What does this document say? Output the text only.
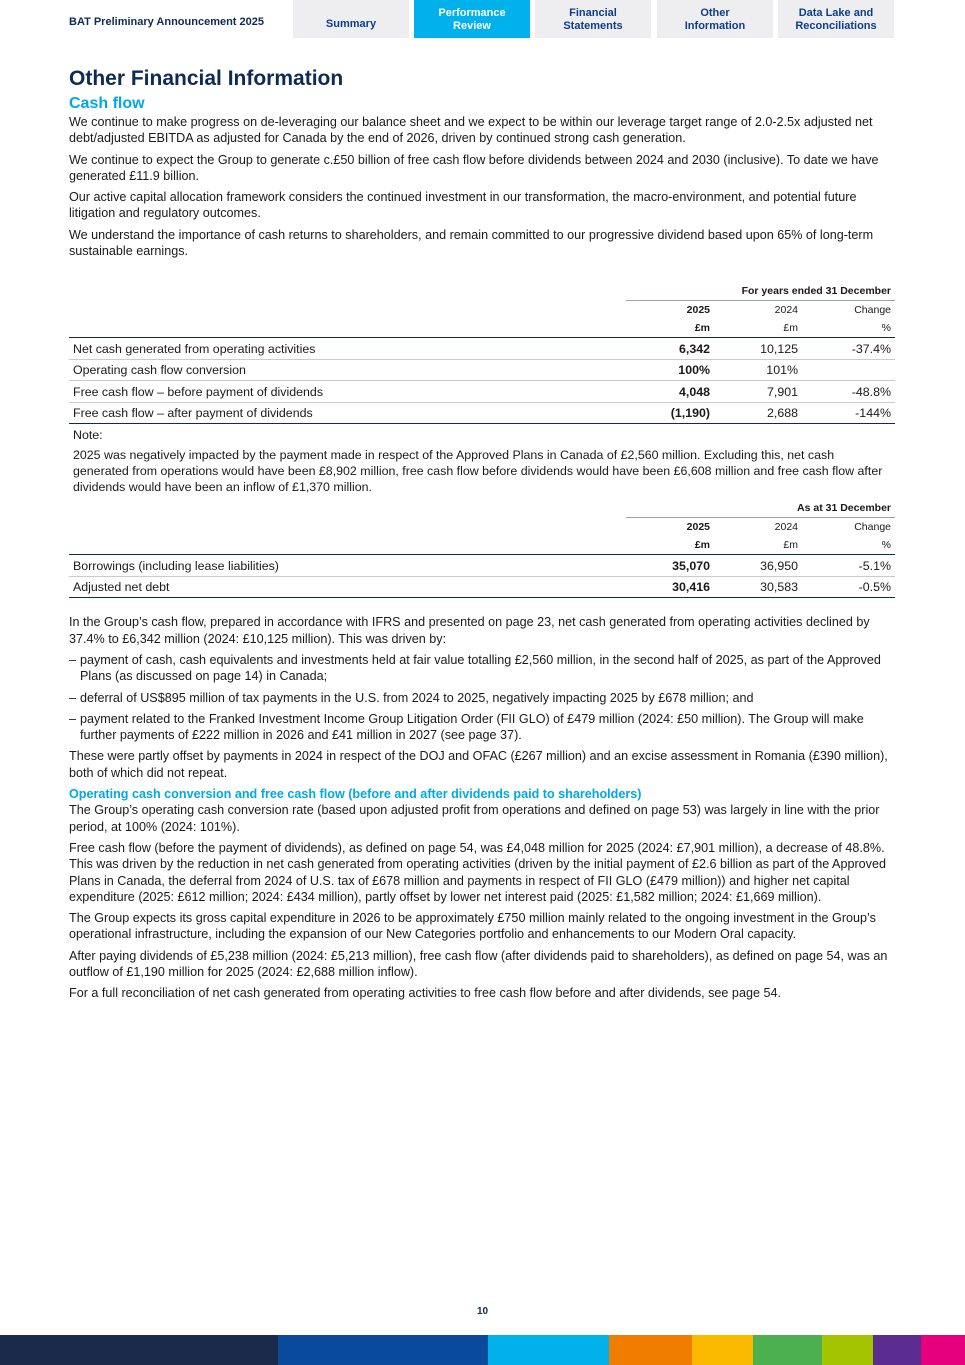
BAT Preliminary Announcement 2025	Summary
Performance
Review
Financial
Statements
Other
Information
Data Lake and
Reconciliations
Other Financial Information
Cash flow

We continue to make progress on de-leveraging our balance sheet and we expect to be within our leverage target range of 2.0-2.5x adjusted net debt/adjusted EBITDA as adjusted for Canada by the end of 2026, driven by continued strong cash generation.

We continue to expect the Group to generate c.£50 billion of free cash flow before dividends between 2024 and 2030 (inclusive). To date we have generated £11.9 billion.

Our active capital allocation framework considers the continued investment in our transformation, the macro-environment, and potential future litigation and regulatory outcomes.

We understand the importance of cash returns to shareholders, and remain committed to our progressive dividend based upon 65% of long-term sustainable earnings.

	For years ended 31 December		
	2025	2024	Change
	£m	£m	%
Net cash generated from operating activities	6,342	10,125	-37.4%
Operating cash flow conversion	100%	101%	
Free cash flow – before payment of dividends	4,048	7,901	-48.8%
Free cash flow – after payment of dividends	(1,190)	2,688	-144%
Note:
2025 was negatively impacted by the payment made in respect of the Approved Plans in Canada of £2,560 million. Excluding this, net cash generated from operations would have been £8,902 million, free cash flow before dividends would have been £6,608 million and free cash flow after dividends would have been an inflow of £1,370 million.
	As at 31 December		
	2025	2024	Change
	£m	£m	%
Borrowings (including lease liabilities)	35,070	36,950	-5.1%
Adjusted net debt	30,416	30,583	-0.5%

In the Group’s cash flow, prepared in accordance with IFRS and presented on page 23, net cash generated from operating activities declined by 37.4% to £6,342 million (2024: £10,125 million). This was driven by:

– payment of cash, cash equivalents and investments held at fair value totalling £2,560 million, in the second half of 2025, as part of the Approved Plans (as discussed on page 14) in Canada;
– deferral of US$895 million of tax payments in the U.S. from 2024 to 2025, negatively impacting 2025 by £678 million; and
– payment related to the Franked Investment Income Group Litigation Order (FII GLO) of £479 million (2024: £50 million). The Group will make further payments of £222 million in 2026 and £41 million in 2027 (see page 37).

These were partly offset by payments in 2024 in respect of the DOJ and OFAC (£267 million) and an excise assessment in Romania (£390 million), both of which did not repeat.

Operating cash conversion and free cash flow (before and after dividends paid to shareholders)

The Group’s operating cash conversion rate (based upon adjusted profit from operations and defined on page 53) was largely in line with the prior period, at 100% (2024: 101%).

Free cash flow (before the payment of dividends), as defined on page 54, was £4,048 million for 2025 (2024: £7,901 million), a decrease of 48.8%. This was driven by the reduction in net cash generated from operating activities (driven by the initial payment of £2.6 billion as part of the Approved Plans in Canada, the deferral from 2024 of U.S. tax of £678 million and payments in respect of FII GLO (£479 million)) and higher net capital expenditure (2025: £612 million; 2024: £434 million), partly offset by lower net interest paid (2025: £1,582 million; 2024: £1,669 million).

The Group expects its gross capital expenditure in 2026 to be approximately £750 million mainly related to the ongoing investment in the Group’s operational infrastructure, including the expansion of our New Categories portfolio and enhancements to our Modern Oral capacity.

After paying dividends of £5,238 million (2024: £5,213 million), free cash flow (after dividends paid to shareholders), as defined on page 54, was an outflow of £1,190 million for 2025 (2024: £2,688 million inflow).

For a full reconciliation of net cash generated from operating activities to free cash flow before and after dividends, see page 54.

10
